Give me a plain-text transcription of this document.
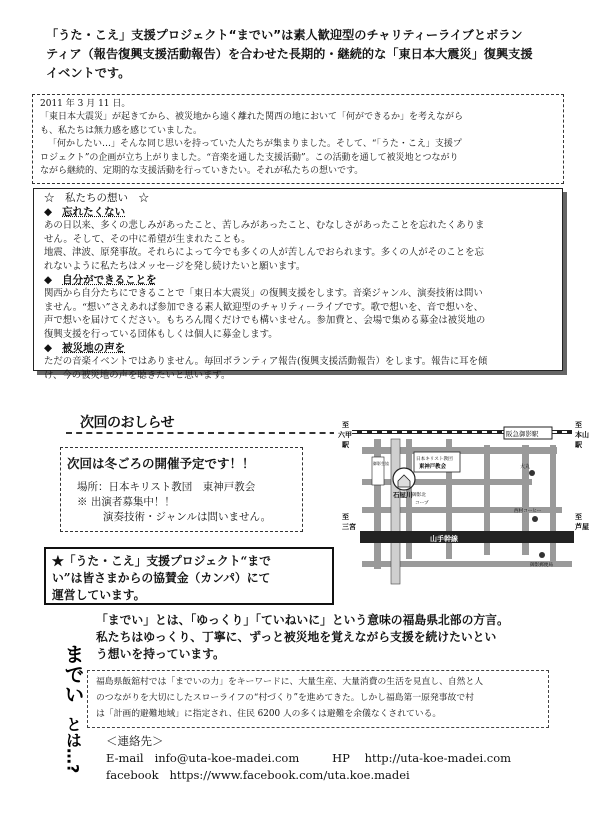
「うた・こえ」支援プロジェクト“までい”は素人歓迎型のチャリティーライブとボラン
ティア（報告復興支援活動報告）を合わせた長期的・継続的な「東日本大震災」復興支援
イベントです。

2011 年 3 月 11 日。

「東日本大震災」が起きてから、被災地から遠く離れた関西の地において「何ができるか」を考えながら

も、私たちは無力感を感じていました。

「何かしたい…」そんな同じ思いを持っていた人たちが集まりました。そして、“「うた・こえ」支援プ

ロジェクト”の企画が立ち上がりました。“音楽を通した支援活動”。この活動を通して被災地とつながり

ながら継続的、定期的な支援活動を行っていきたい。それが私たちの想いです。

☆　私たちの想い　☆

◆ 忘れたくない

あの日以来、多くの悲しみがあったこと、苦しみがあったこと、むなしさがあったことを忘れたくありま

せん。そして、その中に希望が生まれたことも。

地震、津波、原発事故。それらによって今でも多くの人が苦しんでおられます。多くの人がそのことを忘

れないように私たちはメッセージを発し続けたいと願います。

◆ 自分ができることを

関西から自分たちにできることで「東日本大震災」の復興支援をします。音楽ジャンル、演奏技術は問い

ません。“想い”さえあれば参加できる素人歓迎型のチャリティーライブです。歌で想いを、音で想いを、

声で想いを届けてください。もちろん聞くだけでも構いません。参加費と、会場で集める募金は被災地の

復興支援を行っている団体もしくは個人に募金します。

◆ 被災地の声を

ただの音楽イベントではありません。毎回ボランティア報告(復興支援活動報告）をします。報告に耳を傾

け、今の被災地の声を聴きたいと思います。

次回のおしらせ
次回は冬ごろの開催予定です！！
場所：日本キリスト教団　東神戸教会
※ 出演者募集中！！
演奏技術・ジャンルは問いません。
★「うた・こえ」支援プロジェクト“まで
い”は皆さまからの協賛金（カンパ）にて
運営しています。
至
六甲
駅
至
本山
駅
阪急御影駅
日本キリスト教団
東神戸教会
石屋川
大丸
御影生協
御影北
コープ
西村コーヒー
山手幹線
御影郵便局
至
三宮
至
芦屋
までい
とは…?
「までい」とは、「ゆっくり」「ていねいに」という意味の福島県北部の方言。
私たちはゆっくり、丁寧に、ずっと被災地を覚えながら支援を続けたいとい
う想いを持っています。
福島県飯舘村では「までいの力」をキーワードに、大量生産、大量消費の生活を見直し、自然と人
のつながりを大切にしたスローライフの“村づくり”を進めてきた。しかし福島第一原発事故で村
は「計画的避難地域」に指定され、住民 6200 人の多くは避難を余儀なくされている。
＜連絡先＞
E-mail info@uta-koe-madei.com	HP http://uta-koe-madei.com
facebook https://www.facebook.com/uta.koe.madei
